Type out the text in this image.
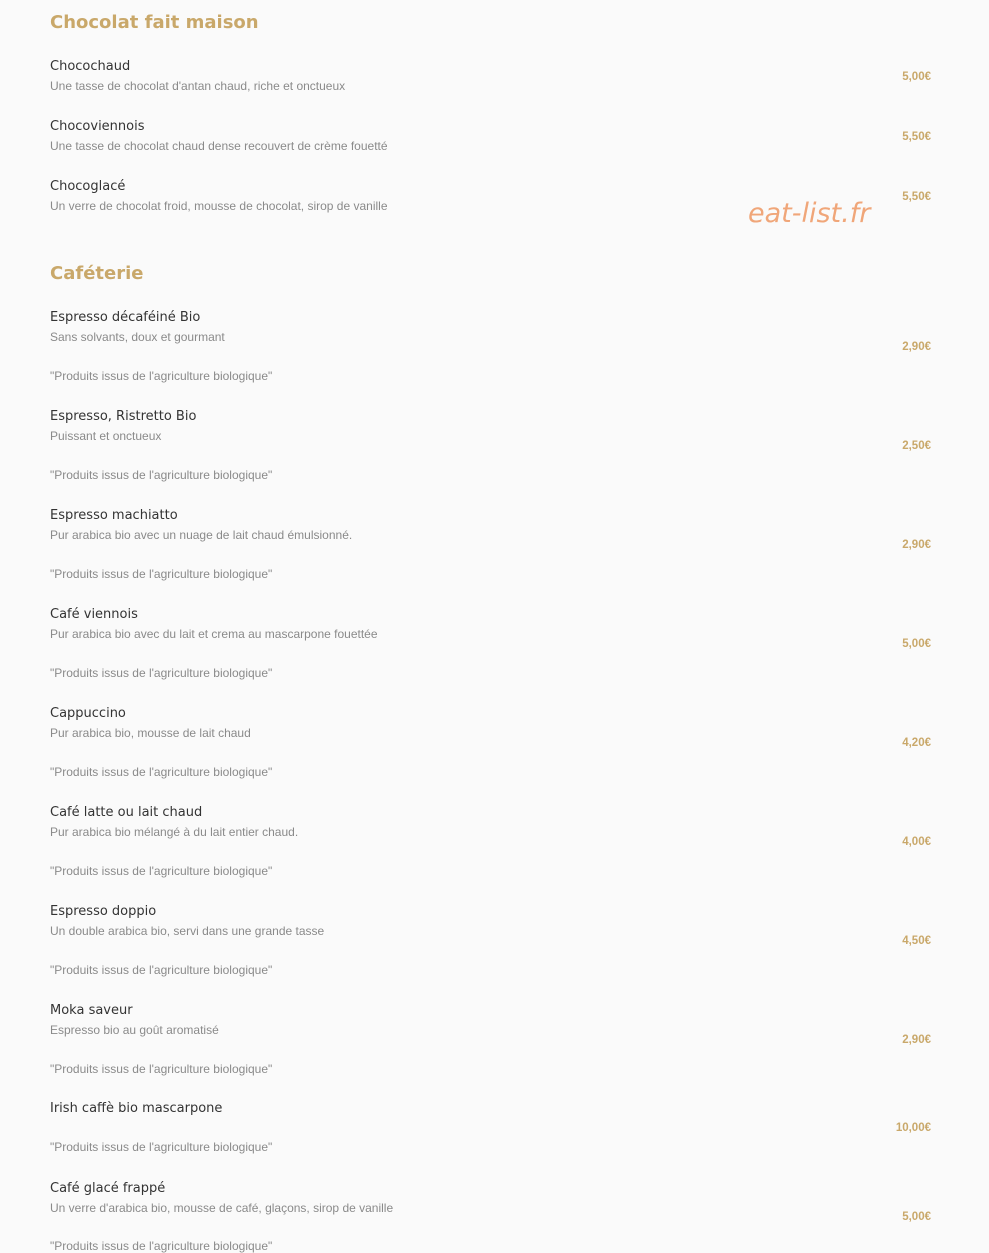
Chocolat fait maison
Chocochaud
Une tasse de chocolat d'antan chaud, riche et onctueux
5,00€
Chocoviennois
Une tasse de chocolat chaud dense recouvert de crème fouetté
5,50€
Chocoglacé
Un verre de chocolat froid, mousse de chocolat, sirop de vanille
5,50€
eat-list.fr
Caféterie
Espresso décaféiné Bio
Sans solvants, doux et gourmant
"Produits issus de l'agriculture biologique"
2,90€
Espresso, Ristretto Bio
Puissant et onctueux
"Produits issus de l'agriculture biologique"
2,50€
Espresso machiatto
Pur arabica bio avec un nuage de lait chaud émulsionné.
"Produits issus de l'agriculture biologique"
2,90€
Café viennois
Pur arabica bio avec du lait et crema au mascarpone fouettée
"Produits issus de l'agriculture biologique"
5,00€
Cappuccino
Pur arabica bio, mousse de lait chaud
"Produits issus de l'agriculture biologique"
4,20€
Café latte ou lait chaud
Pur arabica bio mélangé à du lait entier chaud.
"Produits issus de l'agriculture biologique"
4,00€
Espresso doppio
Un double arabica bio, servi dans une grande tasse
"Produits issus de l'agriculture biologique"
4,50€
Moka saveur
Espresso bio au goût aromatisé
"Produits issus de l'agriculture biologique"
2,90€
Irish caffè bio mascarpone
"Produits issus de l'agriculture biologique"
10,00€
Café glacé frappé
Un verre d'arabica bio, mousse de café, glaçons, sirop de vanille
"Produits issus de l'agriculture biologique"
5,00€
